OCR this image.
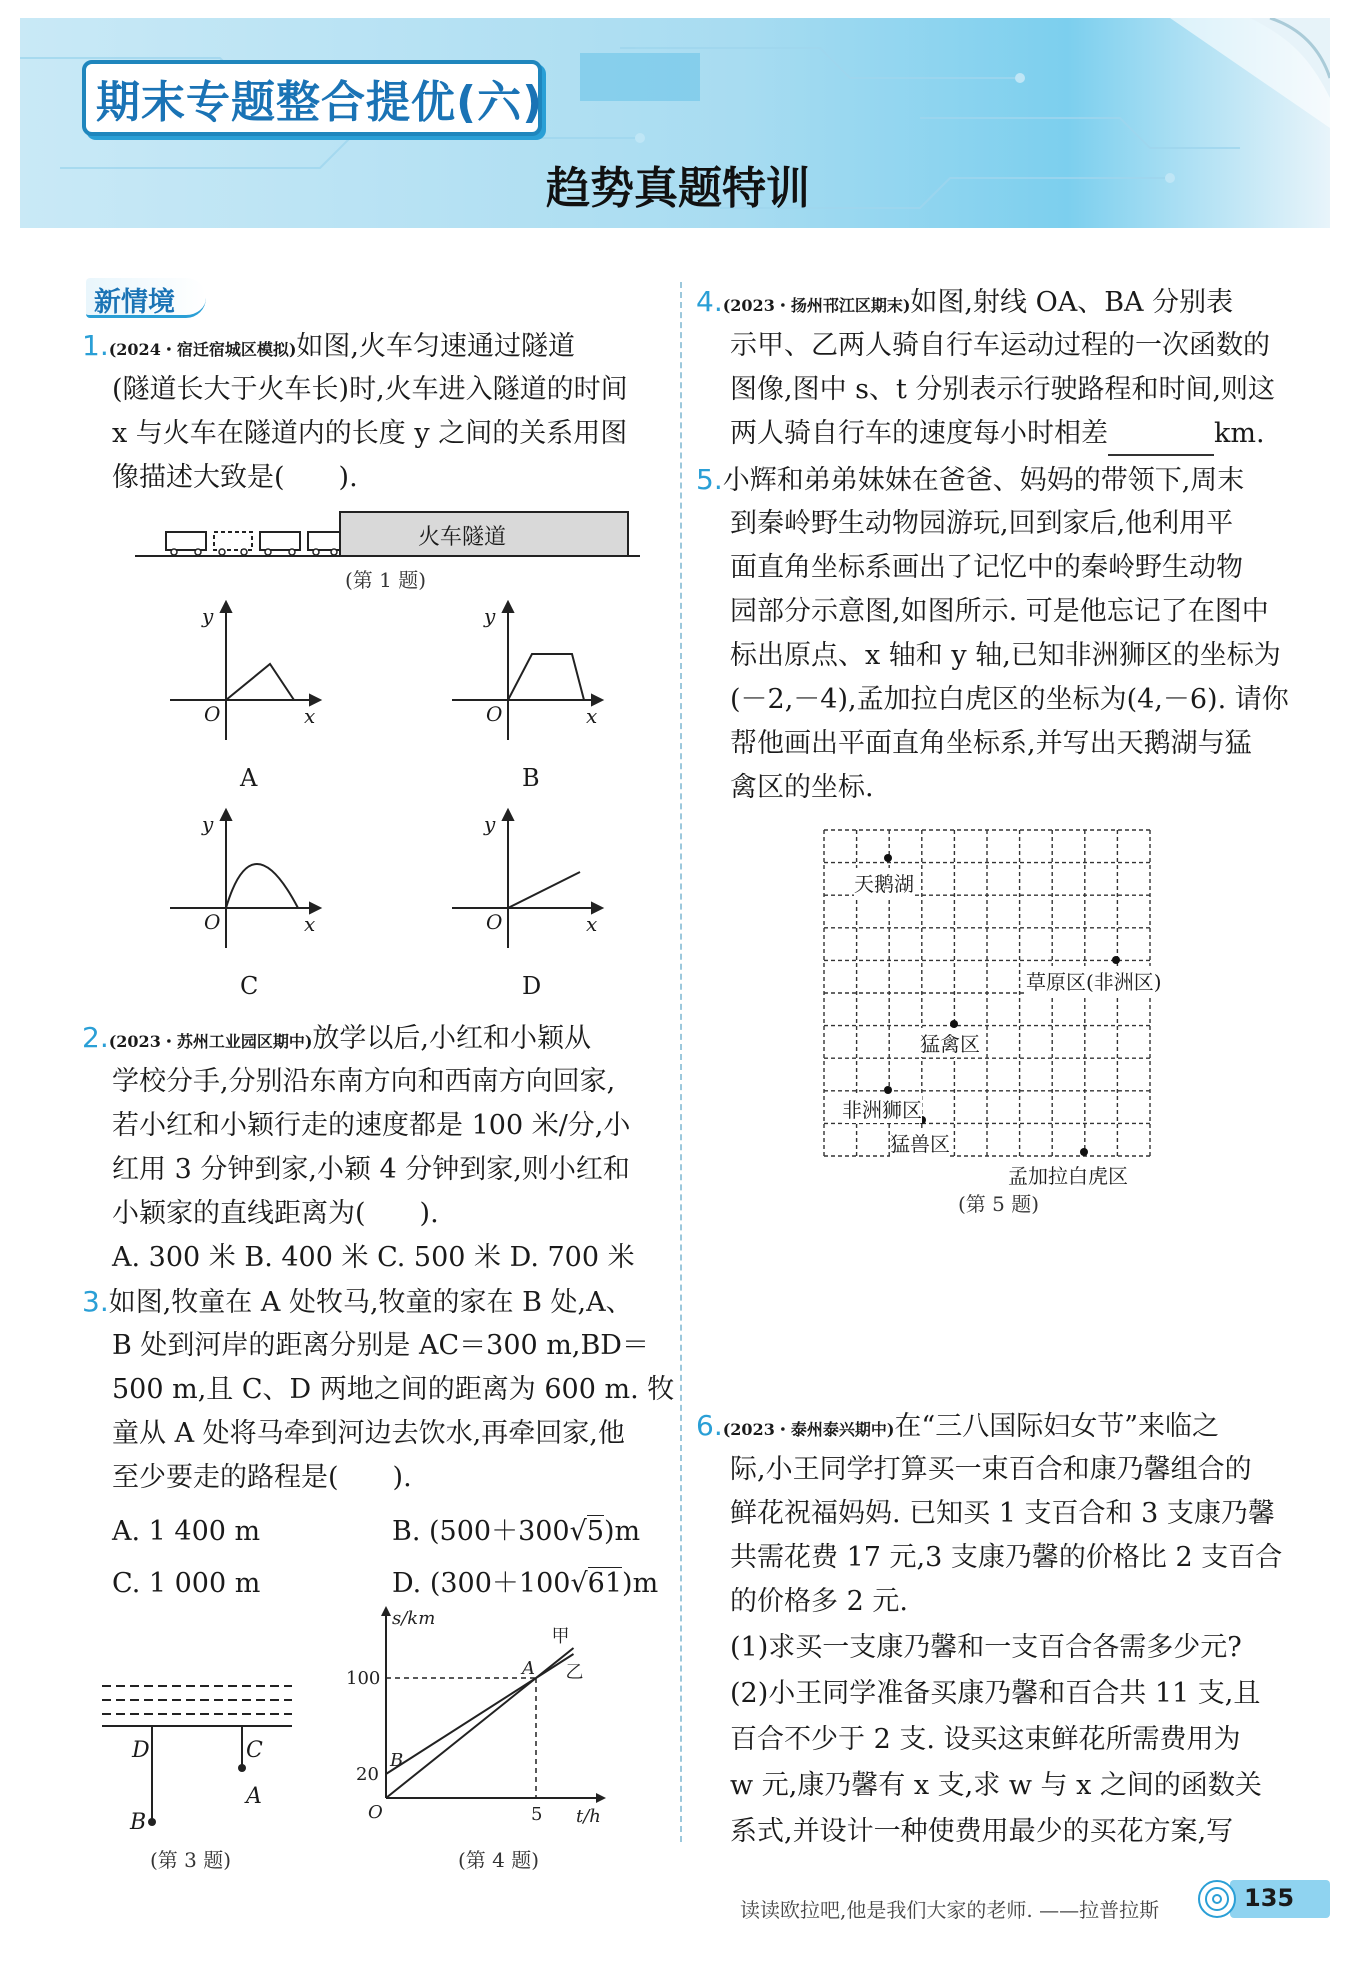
期末专题整合提优(六)
趋势真题特训
新情境
1.(2024・宿迁宿城区模拟)如图,火车匀速通过隧道
(隧道长大于火车长)时,火车进入隧道的时间
x 与火车在隧道内的长度 y 之间的关系用图
像描述大致是(　　).
火车隧道
(第 1 题)
y
O	x
A
y
O	x
B
y
O	x
C
y
O	x
D
2.(2023・苏州工业园区期中)放学以后,小红和小颖从
学校分手,分别沿东南方向和西南方向回家,
若小红和小颖行走的速度都是 100 米/分,小
红用 3 分钟到家,小颖 4 分钟到家,则小红和
小颖家的直线距离为(　　).
A. 300 米 B. 400 米 C. 500 米 D. 700 米
3.如图,牧童在 A 处牧马,牧童的家在 B 处,A、
B 处到河岸的距离分别是 AC＝300 m,BD＝
500 m,且 C、D 两地之间的距离为 600 m. 牧
童从 A 处将马牵到河边去饮水,再牵回家,他
至少要走的路程是(　　).
A. 1 400 m	B. (500＋300√5)m
C. 1 000 m	D. (300＋100√61)m
D	C
A
B
(第 3 题)
甲
乙
s/km
t/h
100
20
5
O
A
B
(第 4 题)
4.(2023・扬州邗江区期末)如图,射线 OA、BA 分别表
示甲、乙两人骑自行车运动过程的一次函数的
图像,图中 s、t 分别表示行驶路程和时间,则这
两人骑自行车的速度每小时相差	km.
5.小辉和弟弟妹妹在爸爸、妈妈的带领下,周末
到秦岭野生动物园游玩,回到家后,他利用平
面直角坐标系画出了记忆中的秦岭野生动物
园部分示意图,如图所示. 可是他忘记了在图中
标出原点、x 轴和 y 轴,已知非洲狮区的坐标为
(－2,－4),孟加拉白虎区的坐标为(4,－6). 请你
帮他画出平面直角坐标系,并写出天鹅湖与猛
禽区的坐标.
天鹅湖
草原区(非洲区)
猛禽区
非洲狮区
猛兽区
孟加拉白虎区
(第 5 题)
6.(2023・泰州泰兴期中)在“三八国际妇女节”来临之
际,小王同学打算买一束百合和康乃馨组合的
鲜花祝福妈妈. 已知买 1 支百合和 3 支康乃馨
共需花费 17 元,3 支康乃馨的价格比 2 支百合
的价格多 2 元.
(1)求买一支康乃馨和一支百合各需多少元?
(2)小王同学准备买康乃馨和百合共 11 支,且
百合不少于 2 支. 设买这束鲜花所需费用为
w 元,康乃馨有 x 支,求 w 与 x 之间的函数关
系式,并设计一种使费用最少的买花方案,写
读读欧拉吧,他是我们大家的老师. ——拉普拉斯	135
